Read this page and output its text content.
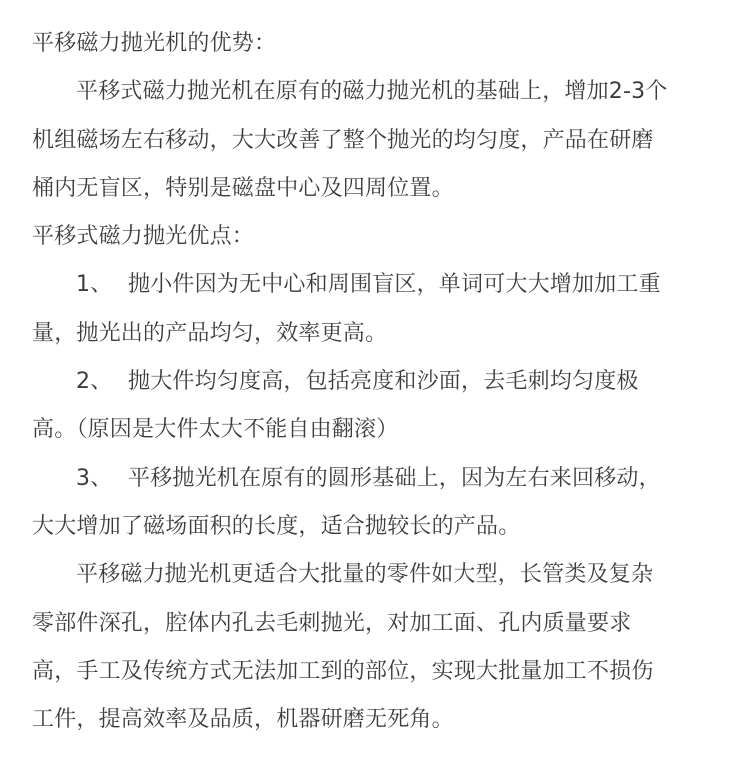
平移磁力抛光机的优势：
平移式磁力抛光机在原有的磁力抛光机的基础上，增加2-3个
机组磁场左右移动，大大改善了整个抛光的均匀度，产品在研磨
桶内无盲区，特别是磁盘中心及四周位置。
平移式磁力抛光优点：
1、 抛小件因为无中心和周围盲区，单词可大大增加加工重
量，抛光出的产品均匀，效率更高。
2、 抛大件均匀度高，包括亮度和沙面，去毛刺均匀度极
高。（原因是大件太大不能自由翻滚）
3、 平移抛光机在原有的圆形基础上，因为左右来回移动，
大大增加了磁场面积的长度，适合抛较长的产品。
平移磁力抛光机更适合大批量的零件如大型，长管类及复杂
零部件深孔，腔体内孔去毛刺抛光，对加工面、孔内质量要求
高，手工及传统方式无法加工到的部位，实现大批量加工不损伤
工件，提高效率及品质，机器研磨无死角。
